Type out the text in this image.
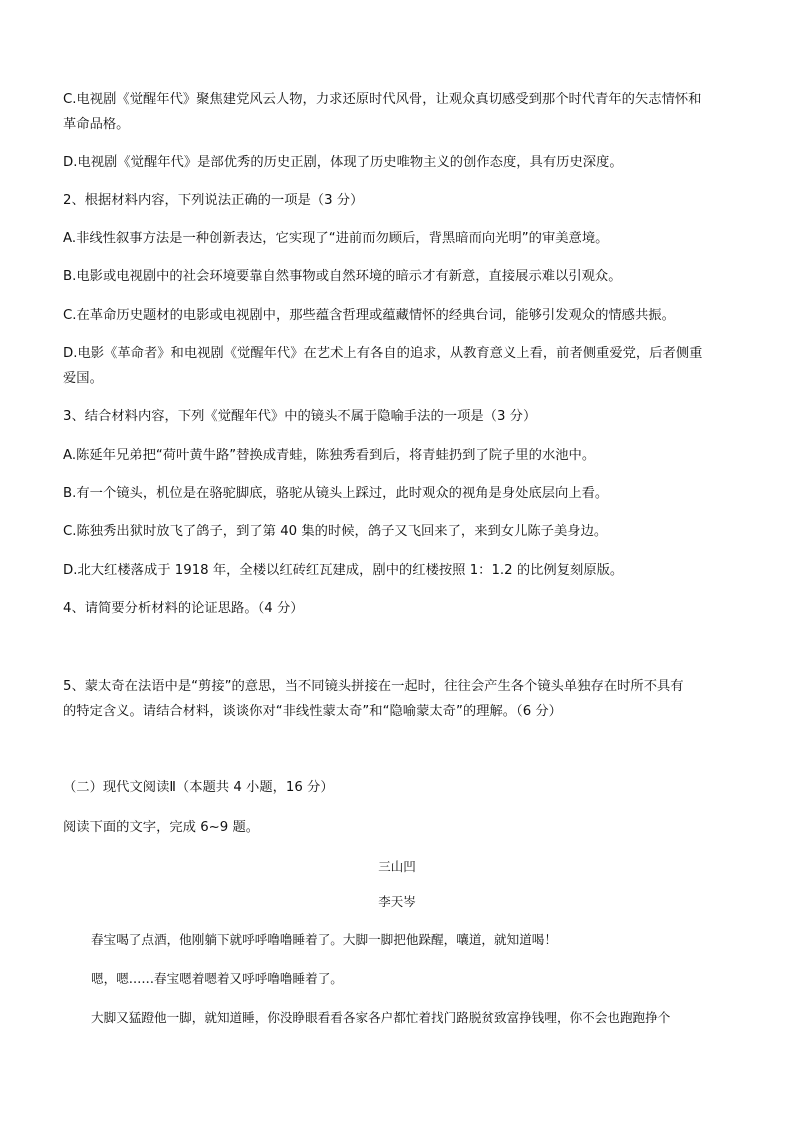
C.电视剧《觉醒年代》聚焦建党风云人物，力求还原时代风骨，让观众真切感受到那个时代青年的矢志情怀和
革命品格。
D.电视剧《觉醒年代》是部优秀的历史正剧，体现了历史唯物主义的创作态度，具有历史深度。
2、根据材料内容，下列说法正确的一项是（3 分）
A.非线性叙事方法是一种创新表达，它实现了“进前而勿顾后，背黑暗而向光明”的审美意境。
B.电影或电视剧中的社会环境要靠自然事物或自然环境的暗示才有新意，直接展示难以引观众。
C.在革命历史题材的电影或电视剧中，那些蕴含哲理或蕴藏情怀的经典台词，能够引发观众的情感共振。
D.电影《革命者》和电视剧《觉醒年代》在艺术上有各自的追求，从教育意义上看，前者侧重爱党，后者侧重
爱国。
3、结合材料内容，下列《觉醒年代》中的镜头不属于隐喻手法的一项是（3 分）
A.陈延年兄弟把“荷叶黄牛路”替换成青蛙，陈独秀看到后，将青蛙扔到了院子里的水池中。
B.有一个镜头，机位是在骆驼脚底，骆驼从镜头上踩过，此时观众的视角是身处底层向上看。
C.陈独秀出狱时放飞了鸽子，到了第 40 集的时候，鸽子又飞回来了，来到女儿陈子美身边。
D.北大红楼落成于 1918 年，全楼以红砖红瓦建成，剧中的红楼按照 1：1.2 的比例复刻原版。
4、请简要分析材料的论证思路。（4 分）
5、蒙太奇在法语中是“剪接”的意思，当不同镜头拼接在一起时，往往会产生各个镜头单独存在时所不具有
的特定含义。请结合材料，谈谈你对“非线性蒙太奇”和“隐喻蒙太奇”的理解。（6 分）
（二）现代文阅读Ⅱ（本题共 4 小题，16 分）
阅读下面的文字，完成 6~9 题。
三山凹
李天岑
春宝喝了点酒，他刚躺下就呼呼噜噜睡着了。大脚一脚把他跺醒，嚷道，就知道喝！
嗯，嗯……春宝嗯着嗯着又呼呼噜噜睡着了。
大脚又猛蹬他一脚，就知道睡，你没睁眼看看各家各户都忙着找门路脱贫致富挣钱哩，你不会也跑跑挣个
